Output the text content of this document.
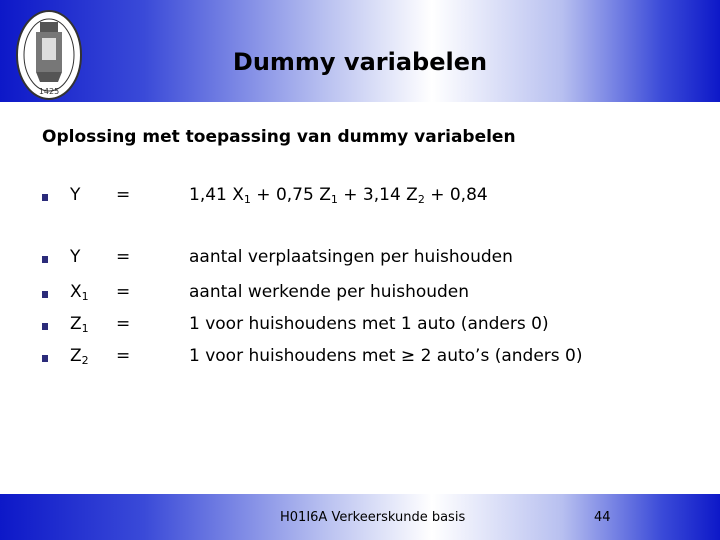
1425
Dummy variabelen
Oplossing met toepassing van dummy variabelen
Y =	1,41 $X_1 + 0,75$ $Z_1 + 3,14$ $Z_2 + 0,84$
Y =	aantal verplaatsingen per huishouden
$X_1$ =	aantal werkende per huishouden
$Z_1$ =	1 voor huishoudens met 1 auto (anders 0)
$Z_2$ =	1 voor huishoudens met ≥ 2 auto’s (anders 0)
H01I6A Verkeerskunde basis	44
